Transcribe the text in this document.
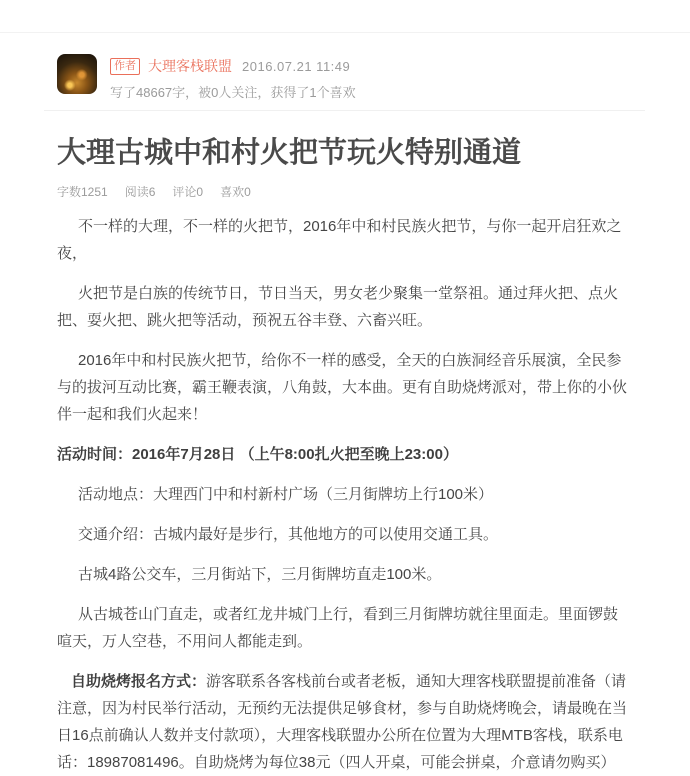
作者 大理客栈联盟 2016.07.21 11:49
写了48667字，被0人关注，获得了1个喜欢
大理古城中和村火把节玩火特别通道
字数1251 阅读6 评论0 喜欢0

不一样的大理，不一样的火把节，2016年中和村民族火把节，与你一起开启狂欢之夜，

火把节是白族的传统节日，节日当天，男女老少聚集一堂祭祖。通过拜火把、点火把、耍火把、跳火把等活动，预祝五谷丰登、六畜兴旺。

2016年中和村民族火把节，给你不一样的感受，全天的白族洞经音乐展演，全民参与的拔河互动比赛，霸王鞭表演，八角鼓，大本曲。更有自助烧烤派对，带上你的小伙伴一起和我们火起来！

活动时间：2016年7月28日 （上午8:00扎火把至晚上23:00）

活动地点：大理西门中和村新村广场（三月街牌坊上行100米）

交通介绍：古城内最好是步行，其他地方的可以使用交通工具。

古城4路公交车，三月街站下，三月街牌坊直走100米。

从古城苍山门直走，或者红龙井城门上行，看到三月街牌坊就往里面走。里面锣鼓喧天，万人空巷，不用问人都能走到。

自助烧烤报名方式：游客联系各客栈前台或者老板，通知大理客栈联盟提前准备（请注意，因为村民举行活动，无预约无法提供足够食材，参与自助烧烤晚会，请最晚在当日16点前确认人数并支付款项），大理客栈联盟办公所在位置为大理MTB客栈，联系电话：18987081496。自助烧烤为每位38元（四人开桌，可能会拼桌，介意请勿购买）
